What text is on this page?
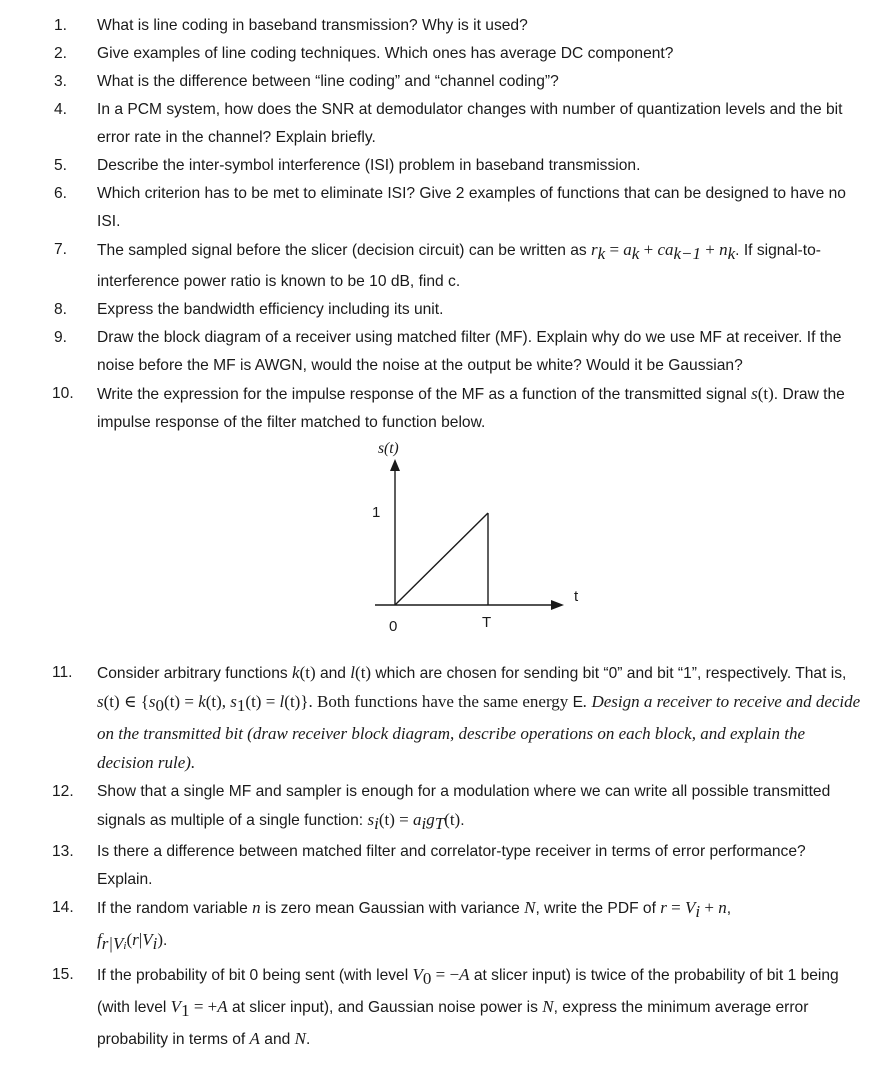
1.	What is line coding in baseband transmission? Why is it used?
2.	Give examples of line coding techniques. Which ones has average DC component?
3.	What is the difference between “line coding” and “channel coding”?
4.	In a PCM system, how does the SNR at demodulator changes with number of quantization levels and the bit error rate in the channel? Explain briefly.
5.	Describe the inter-symbol interference (ISI) problem in baseband transmission.
6.	Which criterion has to be met to eliminate ISI? Give 2 examples of functions that can be designed to have no ISI.
7.	The sampled signal before the slicer (decision circuit) can be written as $r_k = a_k + ca_{k-1} + n_k$. If signal-to-interference power ratio is known to be 10 dB, find c.
8.	Express the bandwidth efficiency including its unit.
9.	Draw the block diagram of a receiver using matched filter (MF). Explain why do we use MF at receiver. If the noise before the MF is AWGN, would the noise at the output be white? Would it be Gaussian?
10.	Write the expression for the impulse response of the MF as a function of the transmitted signal s(t). Draw the impulse response of the filter matched to function below.
s(t)
t
1
0	T
11.	Consider arbitrary functions k(t) and l(t) which are chosen for sending bit “0” and bit “1”, respectively. That is, s(t) ∈ {$s_0(t) = k(t)$, $s_1(t) = l(t)$}. Both functions have the same energy E. Design a receiver to receive and decide on the transmitted bit (draw receiver block diagram, describe operations on each block, and explain the decision rule).
12.	Show that a single MF and sampler is enough for a modulation where we can write all possible transmitted signals as multiple of a single function: $s_i(t) = a_ig_T(t)$.
13.	Is there a difference between matched filter and correlator-type receiver in terms of error performance? Explain.
14.	If the random variable n is zero mean Gaussian with variance N, write the PDF of $r = V_i + n$,
$f_{r|Vi}(r|V_i)$.
15.	If the probability of bit 0 being sent (with level $V_0 = -A$ at slicer input) is twice of the probability of bit 1 being (with level $V_1 = +A$ at slicer input), and Gaussian noise power is N, express the minimum average error probability in terms of A and N.
